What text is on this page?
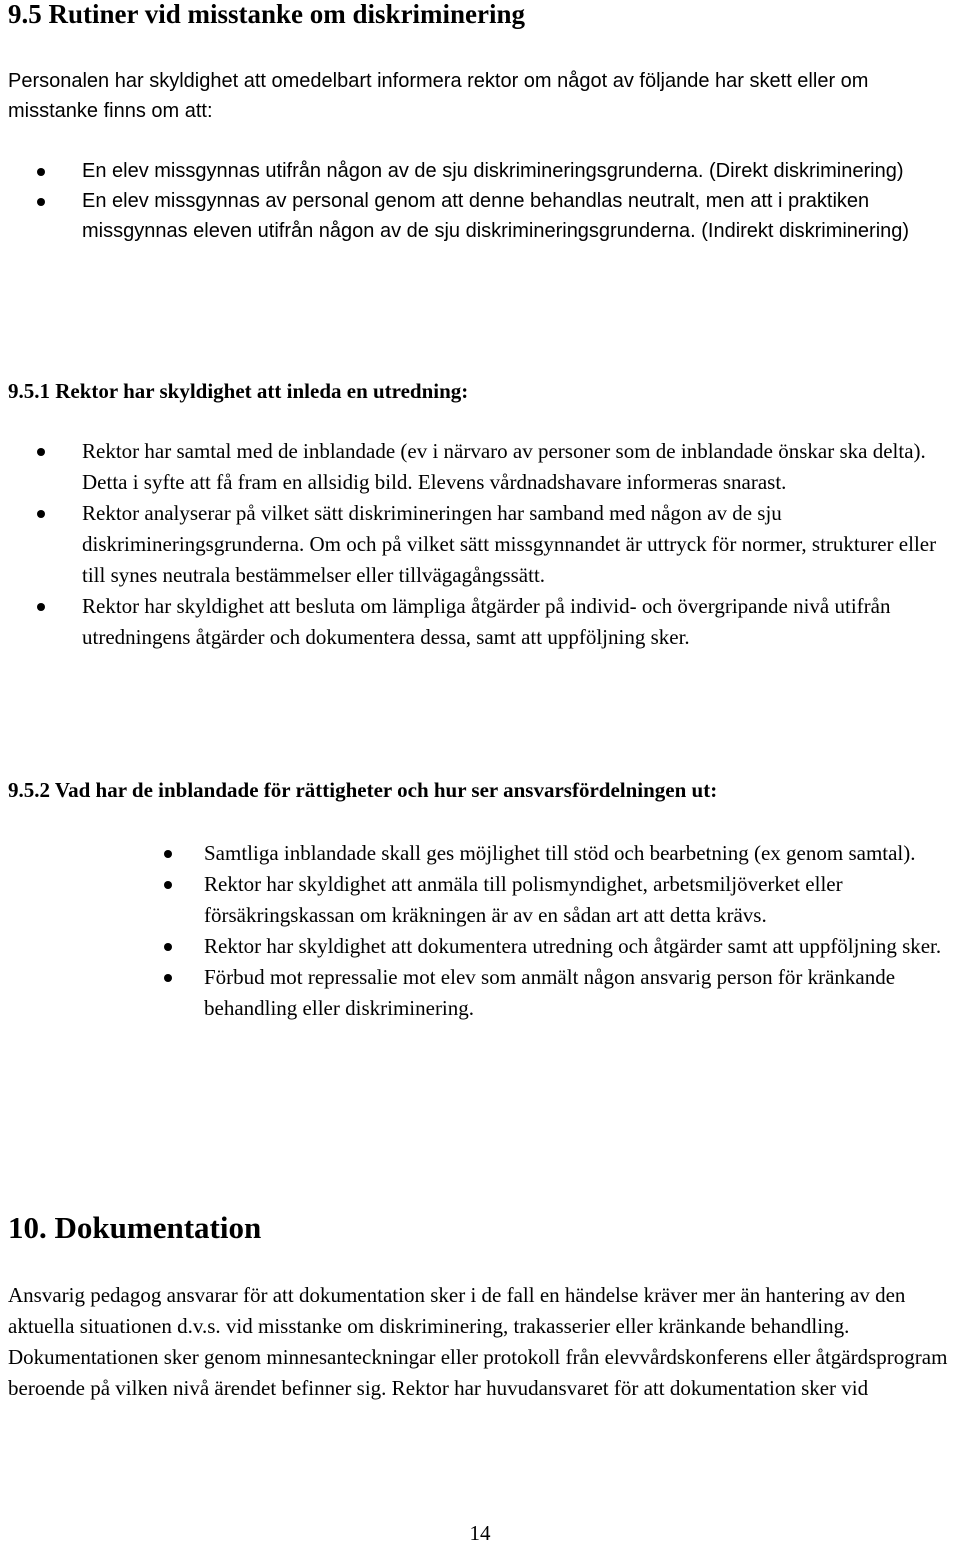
9.5 Rutiner vid misstanke om diskriminering

Personalen har skyldighet att omedelbart informera rektor om något av följande har skett eller om misstanke finns om att:

En elev missgynnas utifrån någon av de sju diskrimineringsgrunderna. (Direkt diskriminering)
En elev missgynnas av personal genom att denne behandlas neutralt, men att i praktiken missgynnas eleven utifrån någon av de sju diskrimineringsgrunderna. (Indirekt diskriminering)
9.5.1 Rektor har skyldighet att inleda en utredning:
Rektor har samtal med de inblandade (ev i närvaro av personer som de inblandade önskar ska delta). Detta i syfte att få fram en allsidig bild. Elevens vårdnadshavare informeras snarast.
Rektor analyserar på vilket sätt diskrimineringen har samband med någon av de sju diskrimineringsgrunderna. Om och på vilket sätt missgynnandet är uttryck för normer, strukturer eller till synes neutrala bestämmelser eller tillvägagångssätt.
Rektor har skyldighet att besluta om lämpliga åtgärder på individ- och övergripande nivå utifrån utredningens åtgärder och dokumentera dessa, samt att uppföljning sker.
9.5.2 Vad har de inblandade för rättigheter och hur ser ansvarsfördelningen ut:
Samtliga inblandade skall ges möjlighet till stöd och bearbetning (ex genom samtal).
Rektor har skyldighet att anmäla till polismyndighet, arbetsmiljöverket eller försäkringskassan om kräkningen är av en sådan art att detta krävs.
Rektor har skyldighet att dokumentera utredning och åtgärder samt att uppföljning sker.
Förbud mot repressalie mot elev som anmält någon ansvarig person för kränkande behandling eller diskriminering.
10. Dokumentation

Ansvarig pedagog ansvarar för att dokumentation sker i de fall en händelse kräver mer än hantering av den aktuella situationen d.v.s. vid misstanke om diskriminering, trakasserier eller kränkande behandling. Dokumentationen sker genom minnesanteckningar eller protokoll från elevvårdskonferens eller åtgärdsprogram beroende på vilken nivå ärendet befinner sig. Rektor har huvudansvaret för att dokumentation sker vid

14
